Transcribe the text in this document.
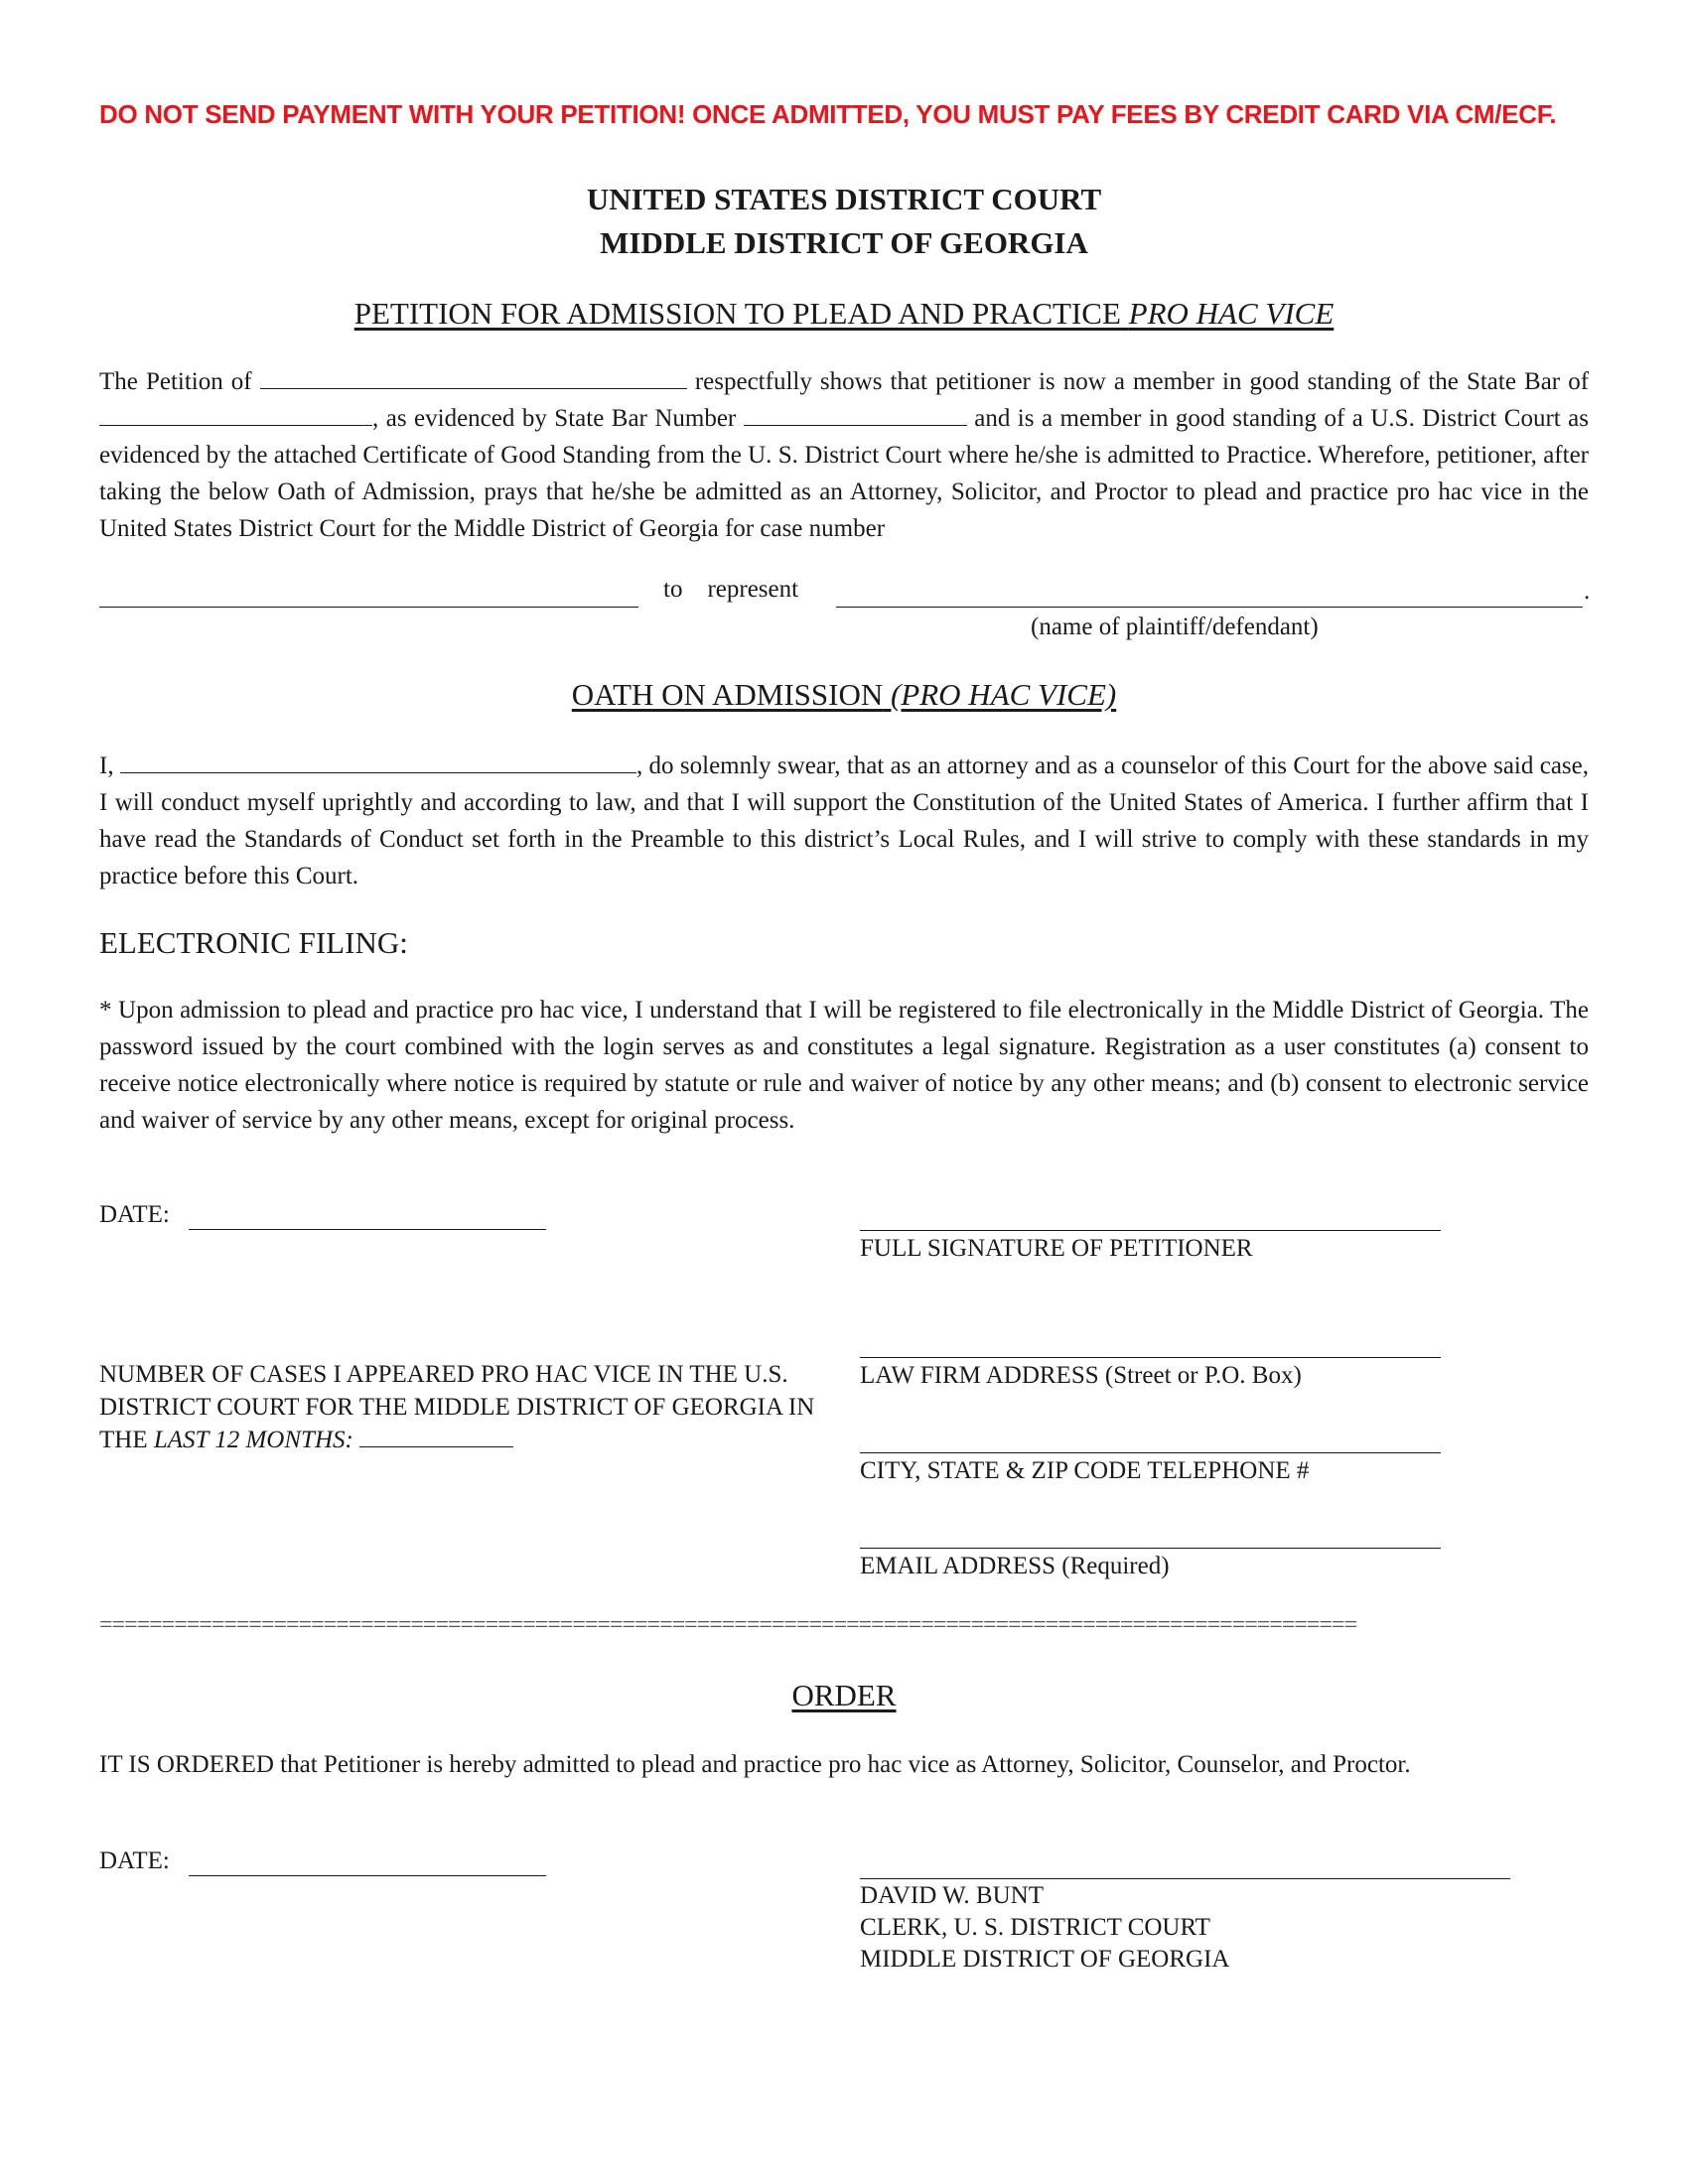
DO NOT SEND PAYMENT WITH YOUR PETITION! ONCE ADMITTED, YOU MUST PAY FEES BY CREDIT CARD VIA CM/ECF.
UNITED STATES DISTRICT COURT
MIDDLE DISTRICT OF GEORGIA
PETITION FOR ADMISSION TO PLEAD AND PRACTICE PRO HAC VICE
The Petition of	respectfully shows that petitioner is now a member in good standing of the State Bar of , as evidenced by State Bar Number	and is a member in good standing of a U.S. District Court as evidenced by the attached Certificate of Good Standing from the U. S. District Court where he/she is admitted to Practice. Wherefore, petitioner, after taking the below Oath of Admission, prays that he/she be admitted as an Attorney, Solicitor, and Proctor to plead and practice pro hac vice in the United States District Court for the Middle District of Georgia for case number
to    represent	.
(name of plaintiff/defendant)
OATH ON ADMISSION (PRO HAC VICE)
I,	, do solemnly swear, that as an attorney and as a counselor of this Court for the above said case, I will conduct myself uprightly and according to law, and that I will support the Constitution of the United States of America. I further affirm that I have read the Standards of Conduct set forth in the Preamble to this district’s Local Rules, and I will strive to comply with these standards in my practice before this Court.
ELECTRONIC FILING:
* Upon admission to plead and practice pro hac vice, I understand that I will be registered to file electronically in the Middle District of Georgia. The password issued by the court combined with the login serves as and constitutes a legal signature. Registration as a user constitutes (a) consent to receive notice electronically where notice is required by statute or rule and waiver of notice by any other means; and (b) consent to electronic service and waiver of service by any other means, except for original process.
DATE:
FULL SIGNATURE OF PETITIONER
NUMBER OF CASES I APPEARED PRO HAC VICE IN THE U.S. DISTRICT COURT FOR THE MIDDLE DISTRICT OF GEORGIA IN THE LAST 12 MONTHS:
LAW FIRM ADDRESS (Street or P.O. Box)
CITY, STATE & ZIP CODE TELEPHONE #
EMAIL ADDRESS (Required)
=====================================================================================================
ORDER
IT IS ORDERED that Petitioner is hereby admitted to plead and practice pro hac vice as Attorney, Solicitor, Counselor, and Proctor.
DATE:
DAVID W. BUNT
CLERK, U. S. DISTRICT COURT
MIDDLE DISTRICT OF GEORGIA
